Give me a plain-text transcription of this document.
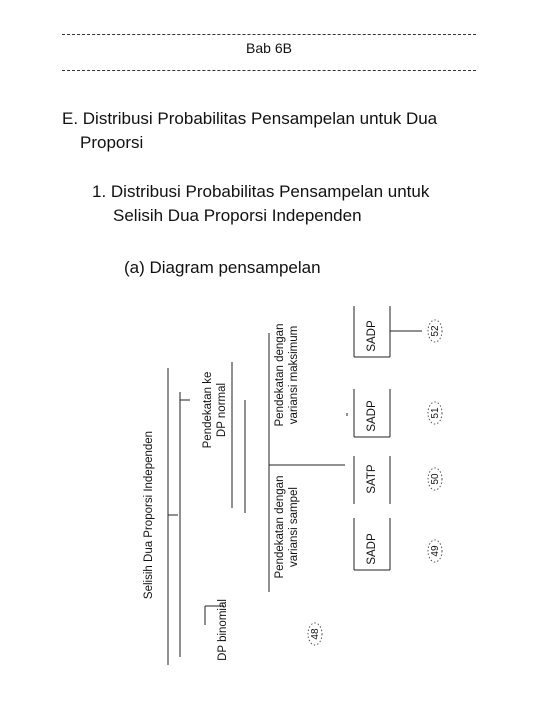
Bab 6B
E. Distribusi Probabilitas Pensampelan untuk Dua
Proporsi
1. Distribusi Probabilitas Pensampelan untuk
Selisih Dua Proporsi Independen
(a) Diagram pensampelan
Selisih Dua Proporsi Independen
Pendekatan ke DP normal
DP binomial
Pendekatan dengan variansi maksimum
Pendekatan dengan variansi sampel
SADP
SADP
SATP
SADP
52
51
50
49
48
